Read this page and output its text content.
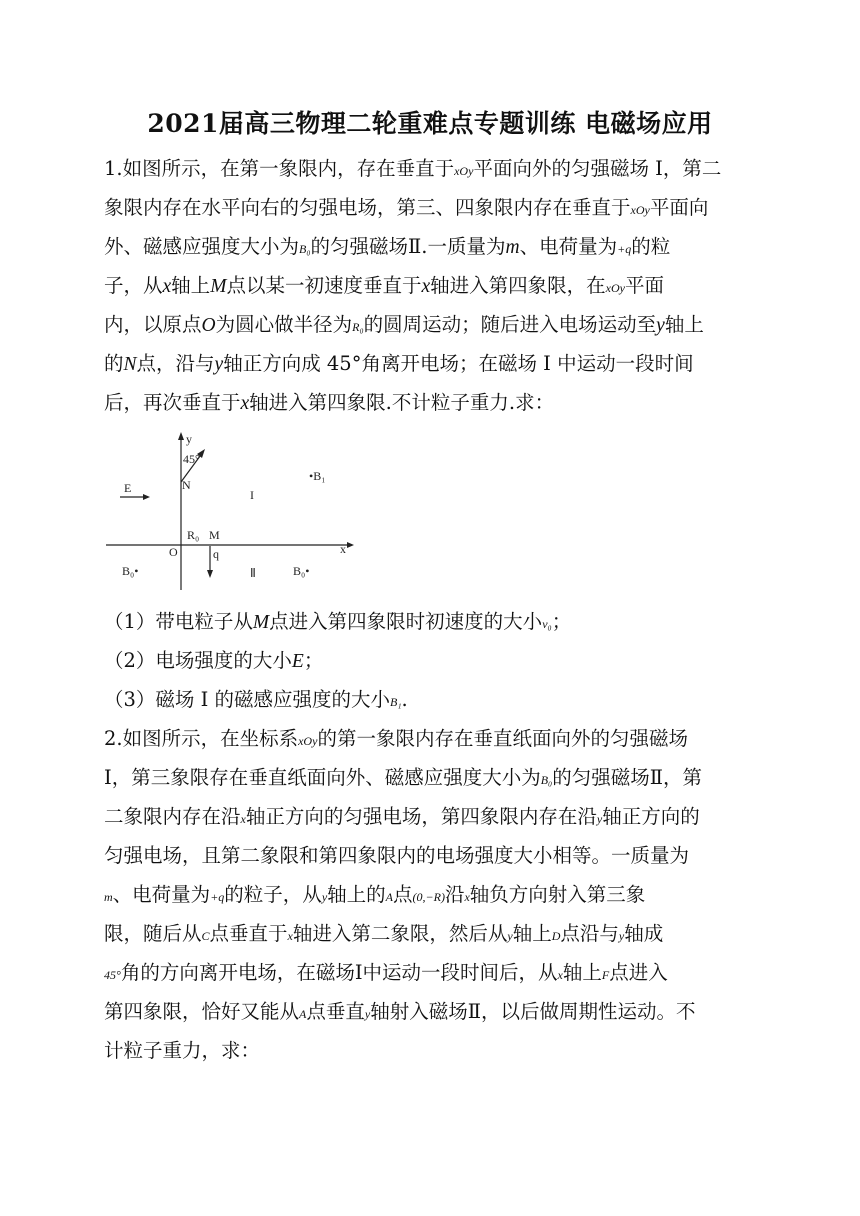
2021届高三物理二轮重难点专题训练 电磁场应用
1.如图所示，在第一象限内，存在垂直于xOy平面向外的匀强磁场 I，第二
象限内存在水平向右的匀强电场，第三、四象限内存在垂直于xOy平面向
外、磁感应强度大小为B₀的匀强磁场Ⅱ.一质量为m、电荷量为+q的粒
子，从x轴上M点以某一初速度垂直于x轴进入第四象限，在xOy平面
内，以原点O为圆心做半径为R₀的圆周运动；随后进入电场运动至y轴上
的N点，沿与y轴正方向成 45°角离开电场；在磁场 I 中运动一段时间
后，再次垂直于x轴进入第四象限.不计粒子重力.求：
y
45°
N
E
•B₁
I
R₀ M
O	q	x
B₀•	Ⅱ	B₀•
（1）带电粒子从M点进入第四象限时初速度的大小v₀；
（2）电场强度的大小E；
（3）磁场 I 的磁感应强度的大小B₁.
2.如图所示，在坐标系xOy的第一象限内存在垂直纸面向外的匀强磁场
Ⅰ，第三象限存在垂直纸面向外、磁感应强度大小为B₀的匀强磁场Ⅱ，第
二象限内存在沿x轴正方向的匀强电场，第四象限内存在沿y轴正方向的
匀强电场，且第二象限和第四象限内的电场强度大小相等。一质量为
m、电荷量为+q的粒子，从y轴上的A点(0,−R)沿x轴负方向射入第三象
限，随后从C点垂直于x轴进入第二象限，然后从y轴上D点沿与y轴成
45°角的方向离开电场，在磁场Ⅰ中运动一段时间后，从x轴上F点进入
第四象限，恰好又能从A点垂直y轴射入磁场Ⅱ，以后做周期性运动。不
计粒子重力，求：
